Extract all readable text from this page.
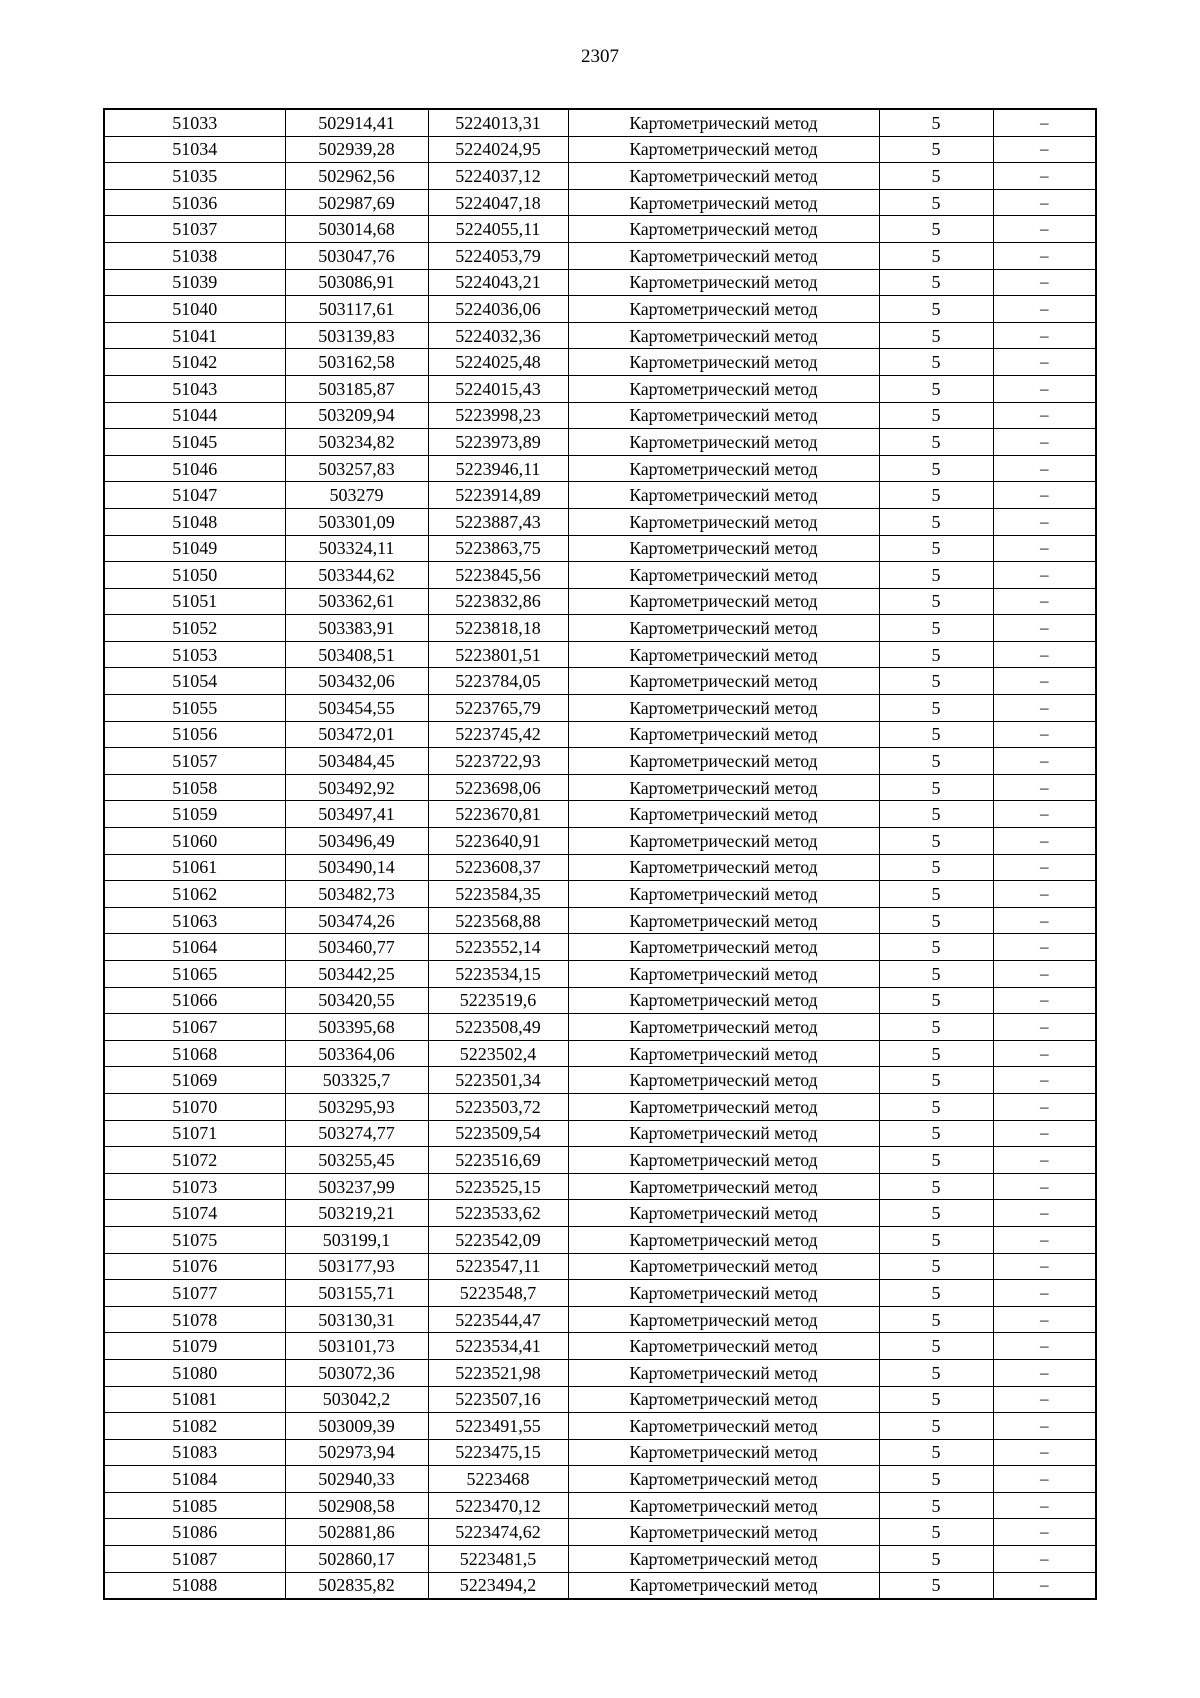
2307
51033	502914,41	5224013,31	Картометрический метод	5	–
51034	502939,28	5224024,95	Картометрический метод	5	–
51035	502962,56	5224037,12	Картометрический метод	5	–
51036	502987,69	5224047,18	Картометрический метод	5	–
51037	503014,68	5224055,11	Картометрический метод	5	–
51038	503047,76	5224053,79	Картометрический метод	5	–
51039	503086,91	5224043,21	Картометрический метод	5	–
51040	503117,61	5224036,06	Картометрический метод	5	–
51041	503139,83	5224032,36	Картометрический метод	5	–
51042	503162,58	5224025,48	Картометрический метод	5	–
51043	503185,87	5224015,43	Картометрический метод	5	–
51044	503209,94	5223998,23	Картометрический метод	5	–
51045	503234,82	5223973,89	Картометрический метод	5	–
51046	503257,83	5223946,11	Картометрический метод	5	–
51047	503279	5223914,89	Картометрический метод	5	–
51048	503301,09	5223887,43	Картометрический метод	5	–
51049	503324,11	5223863,75	Картометрический метод	5	–
51050	503344,62	5223845,56	Картометрический метод	5	–
51051	503362,61	5223832,86	Картометрический метод	5	–
51052	503383,91	5223818,18	Картометрический метод	5	–
51053	503408,51	5223801,51	Картометрический метод	5	–
51054	503432,06	5223784,05	Картометрический метод	5	–
51055	503454,55	5223765,79	Картометрический метод	5	–
51056	503472,01	5223745,42	Картометрический метод	5	–
51057	503484,45	5223722,93	Картометрический метод	5	–
51058	503492,92	5223698,06	Картометрический метод	5	–
51059	503497,41	5223670,81	Картометрический метод	5	–
51060	503496,49	5223640,91	Картометрический метод	5	–
51061	503490,14	5223608,37	Картометрический метод	5	–
51062	503482,73	5223584,35	Картометрический метод	5	–
51063	503474,26	5223568,88	Картометрический метод	5	–
51064	503460,77	5223552,14	Картометрический метод	5	–
51065	503442,25	5223534,15	Картометрический метод	5	–
51066	503420,55	5223519,6	Картометрический метод	5	–
51067	503395,68	5223508,49	Картометрический метод	5	–
51068	503364,06	5223502,4	Картометрический метод	5	–
51069	503325,7	5223501,34	Картометрический метод	5	–
51070	503295,93	5223503,72	Картометрический метод	5	–
51071	503274,77	5223509,54	Картометрический метод	5	–
51072	503255,45	5223516,69	Картометрический метод	5	–
51073	503237,99	5223525,15	Картометрический метод	5	–
51074	503219,21	5223533,62	Картометрический метод	5	–
51075	503199,1	5223542,09	Картометрический метод	5	–
51076	503177,93	5223547,11	Картометрический метод	5	–
51077	503155,71	5223548,7	Картометрический метод	5	–
51078	503130,31	5223544,47	Картометрический метод	5	–
51079	503101,73	5223534,41	Картометрический метод	5	–
51080	503072,36	5223521,98	Картометрический метод	5	–
51081	503042,2	5223507,16	Картометрический метод	5	–
51082	503009,39	5223491,55	Картометрический метод	5	–
51083	502973,94	5223475,15	Картометрический метод	5	–
51084	502940,33	5223468	Картометрический метод	5	–
51085	502908,58	5223470,12	Картометрический метод	5	–
51086	502881,86	5223474,62	Картометрический метод	5	–
51087	502860,17	5223481,5	Картометрический метод	5	–
51088	502835,82	5223494,2	Картометрический метод	5	–
